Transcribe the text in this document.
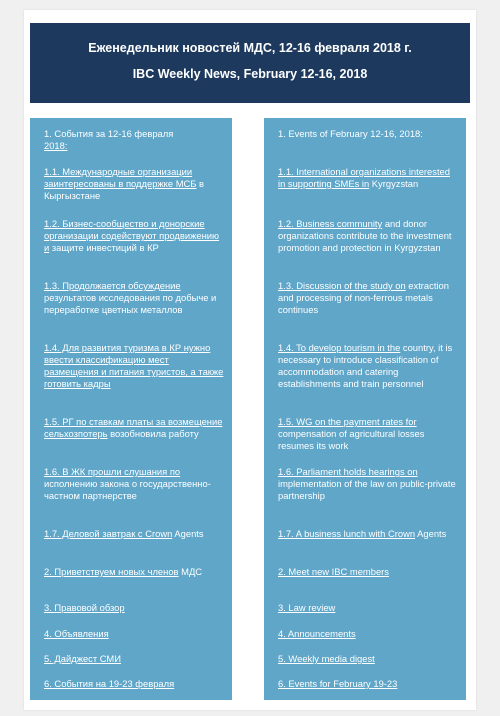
Еженедельник новостей МДС, 12-16 февраля 2018 г.
IBC Weekly News, February 12-16, 2018
1. События за 12-16 февраля
2018:
1.1. Международные организации заинтересованы в поддержке МСБ в Кыргызстане
1.2. Бизнес-сообщество и донорские организации содействуют продвижению и защите инвестиций в КР
1.3. Продолжается обсуждение результатов исследования по добыче и переработке цветных металлов
1.4. Для развития туризма в КР нужно ввести классификацию мест размещения и питания туристов, а также готовить кадры
1.5. РГ по ставкам платы за возмещение сельхозпотерь возобновила работу
1.6. В ЖК прошли слушания по исполнению закона о государственно-частном партнерстве
1.7. Деловой завтрак с Crown Agents
2. Приветствуем новых членов МДС
3. Правовой обзор
4. Объявления
5. Дайджест СМИ
6. События на 19-23 февраля
1. Events of February 12-16, 2018:
1.1. International organizations interested in supporting SMEs in Kyrgyzstan
1.2. Business community and donor organizations contribute to the investment promotion and protection in Kyrgyzstan
1.3. Discussion of the study on extraction and processing of non-ferrous metals continues
1.4. To develop tourism in the country, it is necessary to introduce classification of accommodation and catering establishments and train personnel
1.5. WG on the payment rates for compensation of agricultural losses resumes its work
1.6. Parliament holds hearings on implementation of the law on public-private partnership
1.7. A business lunch with Crown Agents
2. Meet new IBC members
3. Law review
4. Announcements
5. Weekly media digest
6. Events for February 19-23
